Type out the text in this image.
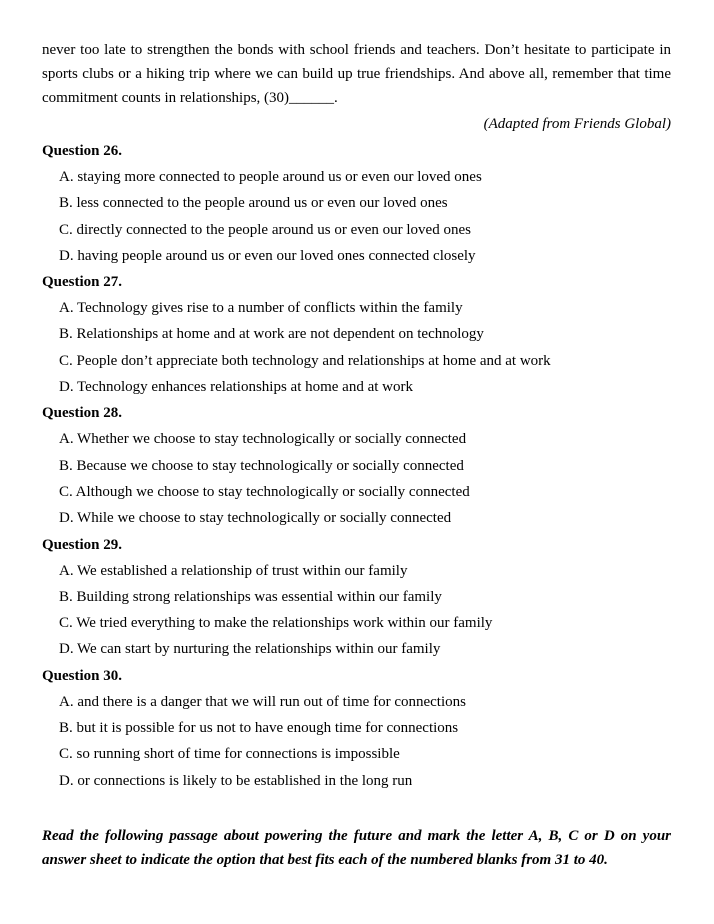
never too late to strengthen the bonds with school friends and teachers. Don’t hesitate to participate in sports clubs or a hiking trip where we can build up true friendships. And above all, remember that time commitment counts in relationships, (30)______.

(Adapted from Friends Global)
Question 26.
A. staying more connected to people around us or even our loved ones
B. less connected to the people around us or even our loved ones
C. directly connected to the people around us or even our loved ones
D. having people around us or even our loved ones connected closely
Question 27.
A. Technology gives rise to a number of conflicts within the family
B. Relationships at home and at work are not dependent on technology
C. People don’t appreciate both technology and relationships at home and at work
D. Technology enhances relationships at home and at work
Question 28.
A. Whether we choose to stay technologically or socially connected
B. Because we choose to stay technologically or socially connected
C. Although we choose to stay technologically or socially connected
D. While we choose to stay technologically or socially connected
Question 29.
A. We established a relationship of trust within our family
B. Building strong relationships was essential within our family
C. We tried everything to make the relationships work within our family
D. We can start by nurturing the relationships within our family
Question 30.
A. and there is a danger that we will run out of time for connections
B. but it is possible for us not to have enough time for connections
C. so running short of time for connections is impossible
D. or connections is likely to be established in the long run

Read the following passage about powering the future and mark the letter A, B, C or D on your
answer sheet to indicate the option that best fits each of the numbered blanks from 31 to 40.
